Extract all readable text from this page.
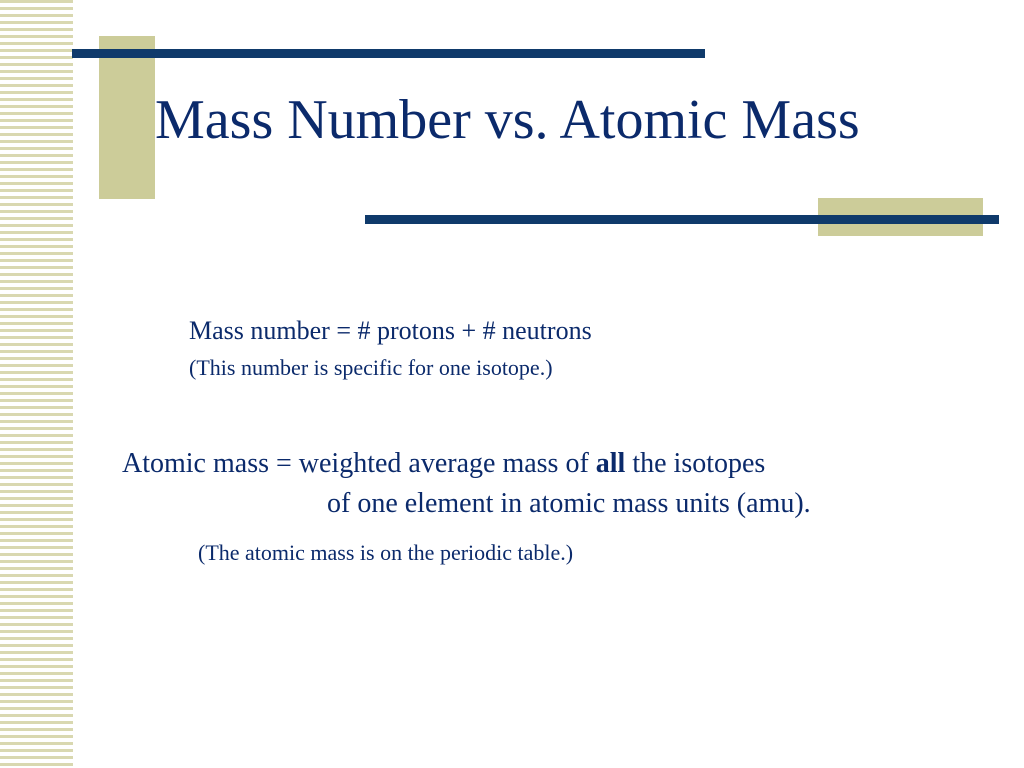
Mass Number vs. Atomic Mass

Mass number = # protons + # neutrons

(This number is specific for one isotope.)

Atomic mass = weighted average mass of all the isotopes

of one element in atomic mass units (amu).

(The atomic mass is on the periodic table.)
